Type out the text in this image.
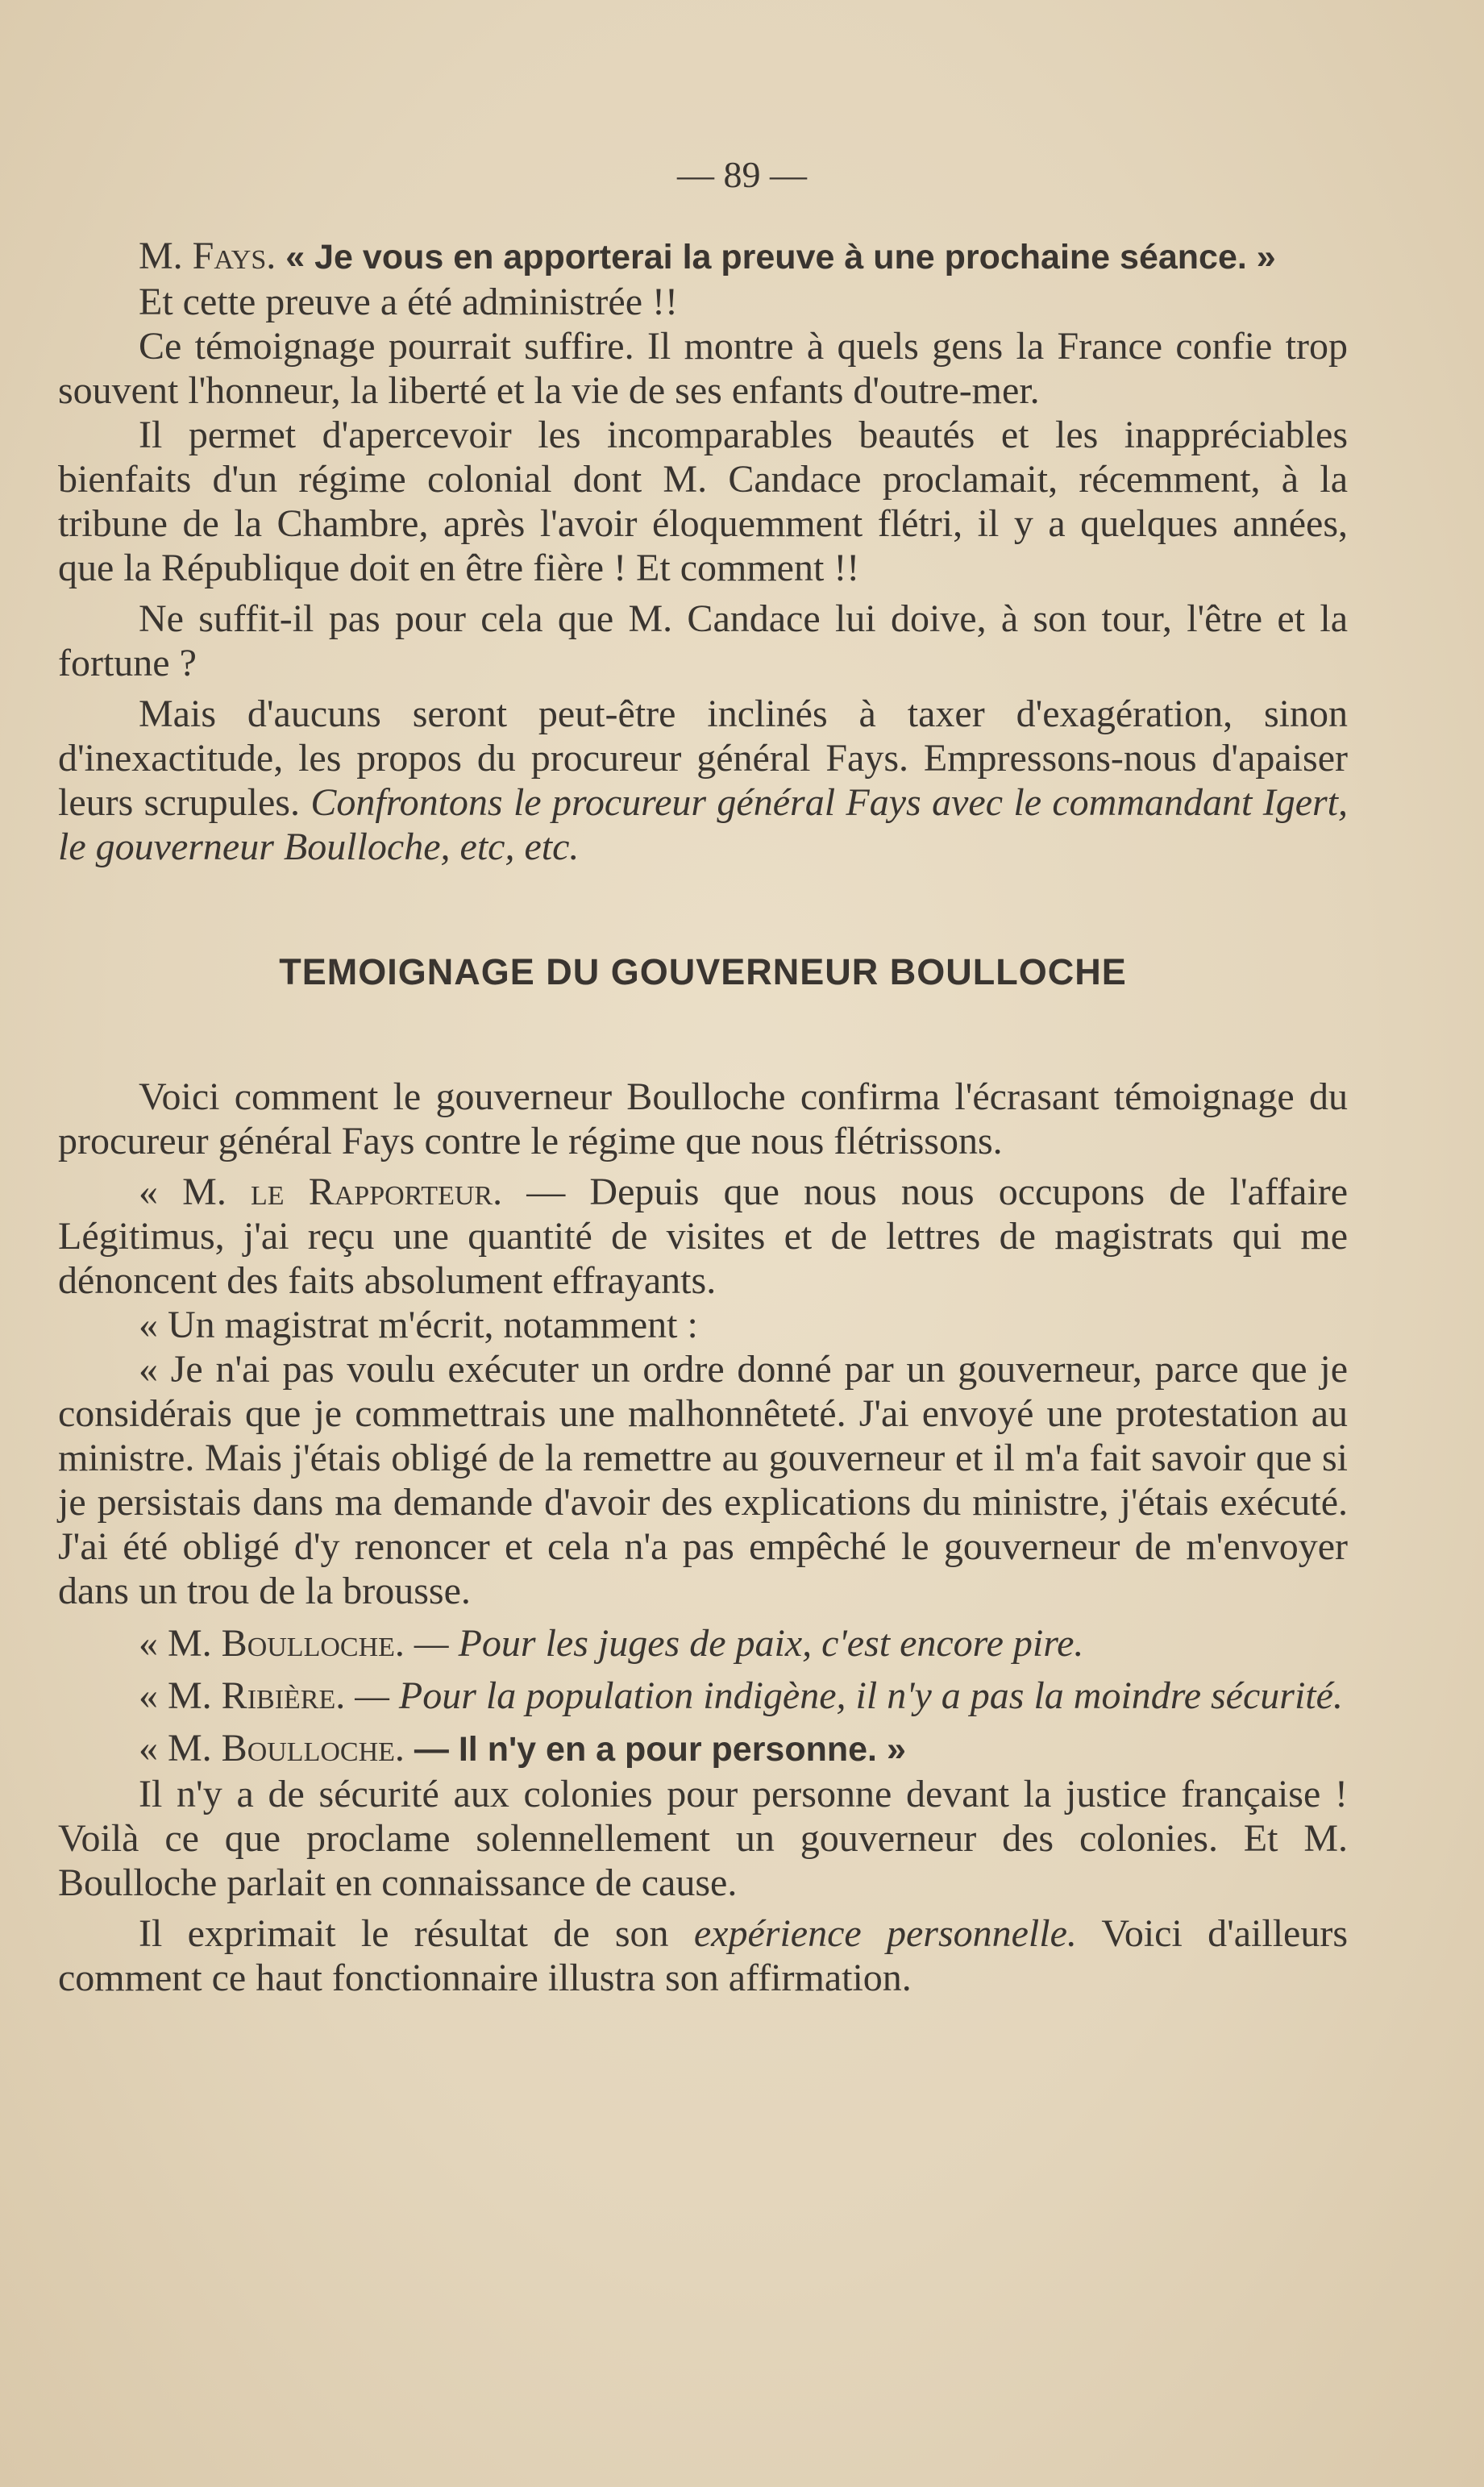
— 89 —

M. Fays. « Je vous en apporterai la preuve à une prochaine séance. »

Et cette preuve a été administrée !!

Ce témoignage pourrait suffire. Il montre à quels gens la France confie trop souvent l'honneur, la liberté et la vie de ses enfants d'outre-mer.

Il permet d'apercevoir les incomparables beautés et les inappréciables bienfaits d'un régime colonial dont M. Candace proclamait, récemment, à la tribune de la Chambre, après l'avoir éloquemment flétri, il y a quelques années, que la République doit en être fière ! Et comment !!

Ne suffit-il pas pour cela que M. Candace lui doive, à son tour, l'être et la fortune ?

Mais d'aucuns seront peut-être inclinés à taxer d'exagération, sinon d'inexactitude, les propos du procureur général Fays. Empressons-nous d'apaiser leurs scrupules. Confrontons le procureur général Fays avec le commandant Igert, le gouverneur Boulloche, etc, etc.

TEMOIGNAGE DU GOUVERNEUR BOULLOCHE

Voici comment le gouverneur Boulloche confirma l'écrasant témoignage du procureur général Fays contre le régime que nous flétrissons.

« M. le Rapporteur. — Depuis que nous nous occupons de l'affaire Légitimus, j'ai reçu une quantité de visites et de lettres de magistrats qui me dénoncent des faits absolument effrayants.

« Un magistrat m'écrit, notamment :

« Je n'ai pas voulu exécuter un ordre donné par un gouverneur, parce que je considérais que je commettrais une malhonnêteté. J'ai envoyé une protestation au ministre. Mais j'étais obligé de la remettre au gouverneur et il m'a fait savoir que si je persistais dans ma demande d'avoir des explications du ministre, j'étais exécuté. J'ai été obligé d'y renoncer et cela n'a pas empêché le gouverneur de m'envoyer dans un trou de la brousse.

« M. Boulloche. — Pour les juges de paix, c'est encore pire.

« M. Ribière. — Pour la population indigène, il n'y a pas la moindre sécurité.

« M. Boulloche. — Il n'y en a pour personne. »

Il n'y a de sécurité aux colonies pour personne devant la justice française ! Voilà ce que proclame solennellement un gouverneur des colonies. Et M. Boulloche parlait en connaissance de cause.

Il exprimait le résultat de son expérience personnelle. Voici d'ailleurs comment ce haut fonctionnaire illustra son affirmation.
